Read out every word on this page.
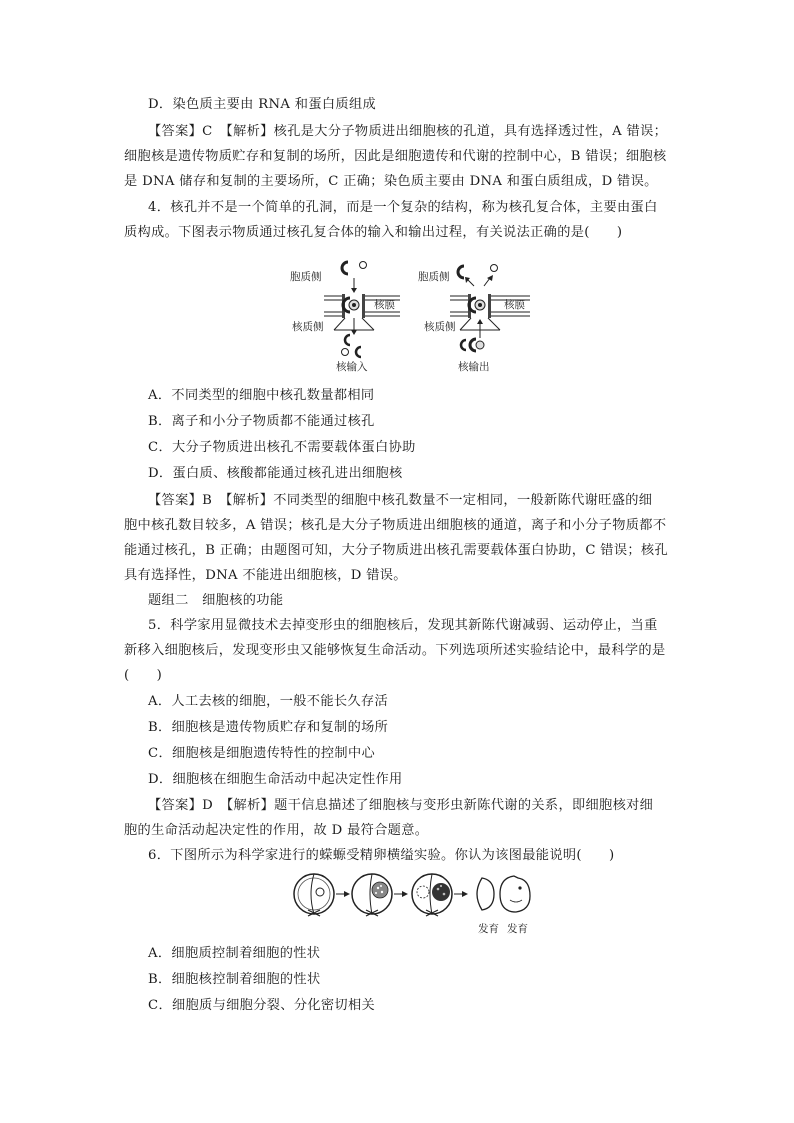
D．染色质主要由 RNA 和蛋白质组成
【答案】C　【解析】核孔是大分子物质进出细胞核的孔道，具有选择透过性，A 错误；
细胞核是遗传物质贮存和复制的场所，因此是细胞遗传和代谢的控制中心，B 错误；细胞核
是 DNA 储存和复制的主要场所，C 正确；染色质主要由 DNA 和蛋白质组成，D 错误。
4．核孔并不是一个简单的孔洞，而是一个复杂的结构，称为核孔复合体，主要由蛋白
质构成。下图表示物质通过核孔复合体的输入和输出过程，有关说法正确的是(　　)
胞质侧
核膜
核质侧
核输入
胞质侧
核膜
核质侧
核输出
A．不同类型的细胞中核孔数量都相同
B．离子和小分子物质都不能通过核孔
C．大分子物质进出核孔不需要载体蛋白协助
D．蛋白质、核酸都能通过核孔进出细胞核
【答案】B　【解析】不同类型的细胞中核孔数量不一定相同，一般新陈代谢旺盛的细
胞中核孔数目较多，A 错误；核孔是大分子物质进出细胞核的通道，离子和小分子物质都不
能通过核孔，B 正确；由题图可知，大分子物质进出核孔需要载体蛋白协助，C 错误；核孔
具有选择性，DNA 不能进出细胞核，D 错误。
题组二　细胞核的功能
5．科学家用显微技术去掉变形虫的细胞核后，发现其新陈代谢减弱、运动停止，当重
新移入细胞核后，发现变形虫又能够恢复生命活动。下列选项所述实验结论中，最科学的是
(　　)
A．人工去核的细胞，一般不能长久存活
B．细胞核是遗传物质贮存和复制的场所
C．细胞核是细胞遗传特性的控制中心
D．细胞核在细胞生命活动中起决定性作用
【答案】D　【解析】题干信息描述了细胞核与变形虫新陈代谢的关系，即细胞核对细
胞的生命活动起决定性的作用，故 D 最符合题意。
6．下图所示为科学家进行的蝾螈受精卵横缢实验。你认为该图最能说明(　　)
发育 发育
A．细胞质控制着细胞的性状
B．细胞核控制着细胞的性状
C．细胞质与细胞分裂、分化密切相关
